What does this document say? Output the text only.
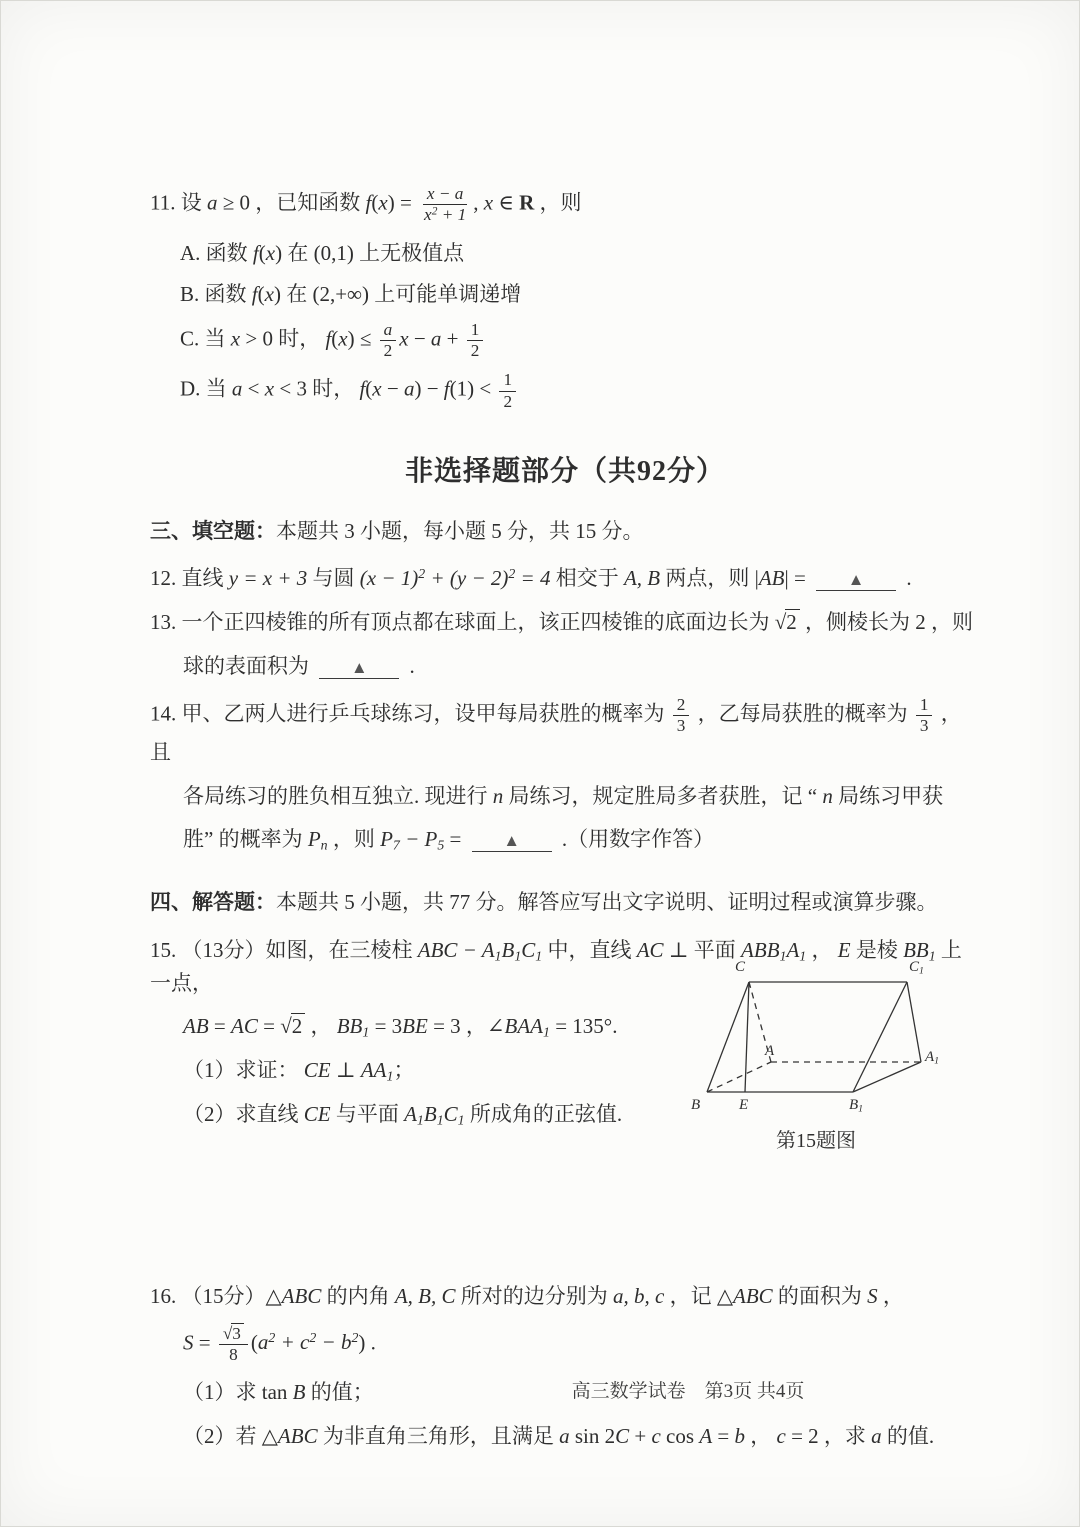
11. 设 a ≥ 0 ，已知函数 $f(x) = \frac{x - a}{x^2 + 1}$ , x ∈ R ，则
A. 函数 f(x) 在 (0,1) 上无极值点
B. 函数 f(x) 在 (2,+∞) 上可能单调递增
C. 当 x > 0 时， $f(x) \le \frac{a}{2}$ $x - a + \frac{1}{2}$
D. 当 a < x < 3 时， $f(x - a) - f(1) < \frac{1}{2}$
非选择题部分（共92分）
三、填空题：本题共 3 小题，每小题 5 分，共 15 分。
12. 直线 y = x + 3 与圆 $(x - 1)^2 + (y - 2)^2 = 4$ 相交于 A, B 两点，则 |AB| = ▲ .
13. 一个正四棱锥的所有顶点都在球面上，该正四棱锥的底面边长为 √2 ，侧棱长为 2 ，则
球的表面积为 ▲ .
14. 甲、乙两人进行乒乓球练习，设甲每局获胜的概率为 $\frac{2}{3}$ ，乙每局获胜的概率为 $\frac{1}{3}$ ，且
各局练习的胜负相互独立. 现进行 n 局练习，规定胜局多者获胜，记 “ n 局练习甲获
胜” 的概率为 $P_n$ ，则 $P_7 - P_5$ = ▲ .（用数字作答）
四、解答题：本题共 5 小题，共 77 分。解答应写出文字说明、证明过程或演算步骤。
15. （13分）如图，在三棱柱 ABC − $A_1B_1C_1$ 中，直线 AC ⊥ 平面 $ABB_1A_1$ ， E 是棱 $BB_1$ 上一点，
AB = AC = √2 ， $BB_1 = 3BE = 3$ ，$\angle BAA_1 = 135^\circ$.
（1）求证： CE ⊥ $AA_1$；
（2）求直线 CE 与平面 $A_1B_1C_1$ 所成角的正弦值.
C	$C_1$
B	E	$B_1$
A	$A_1$
第15题图
16. （15分）△ABC 的内角 A, B, C 所对的边分别为 a, b, c ，记 △ABC 的面积为 S ，
$S = \frac{√3}{8} (a^2 + c^2 - b^2)$ .
（1）求 tan B 的值；
（2）若 △ABC 为非直角三角形，且满足 a sin 2C + c cos A = b ， c = 2 ，求 a 的值.
高三数学试卷　第3页 共4页
